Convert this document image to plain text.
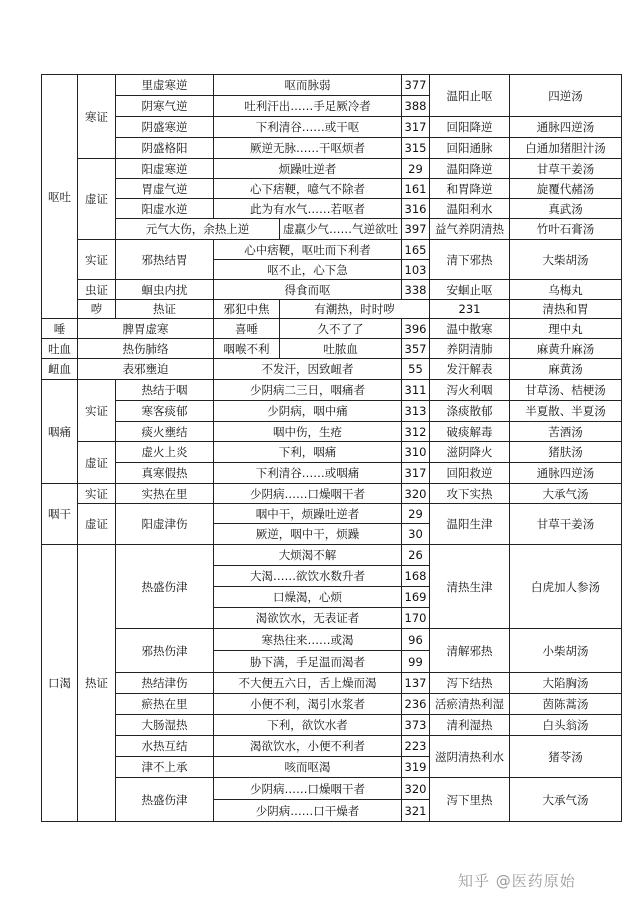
呕吐	寒证	里虚寒逆	呕而脉弱		377	温阳止呕	四逆汤	
		阴寒气逆	吐利汗出……手足厥冷者		388			
		阴盛寒逆	下利清谷……或干呕		317	回阳降逆	通脉四逆汤	
		阴盛格阳	厥逆无脉……干呕烦者		315	回阳通脉	白通加猪胆汁汤	
	虚证	阳虚寒逆	烦躁吐逆者		29	温阳降逆	甘草干姜汤	
		胃虚气逆	心下痞鞕，噫气不除者		161	和胃降逆	旋覆代赭汤	
		阳虚水逆	此为有水气……若呕者		316	温阳利水	真武汤	
		元气大伤，余热上逆		虚羸少气……气逆欲吐	397	益气养阴清热	竹叶石膏汤	
	实证	邪热结胃	心中痞鞕，呕吐而下利者		165	清下邪热	大柴胡汤	
			呕不止，心下急		103			
	虫证	蛔虫内扰	得食而呕		338	安蛔止呕	乌梅丸	
	哕	热证	邪犯中焦	有潮热，时时哕		231	清热和胃	
唾	脾胃虚寒		喜唾	久不了了	396	温中散寒	理中丸	
吐血	热伤肺络		咽喉不利	吐脓血	357	养阴清肺	麻黄升麻汤	
衄血	表邪壅迫		不发汗，因致衄者		55	发汗解表	麻黄汤	
咽痛	实证	热结于咽	少阴病二三日，咽痛者		311	泻火利咽	甘草汤、桔梗汤	
		寒客痰郁	少阴病，咽中痛		313	涤痰散郁	半夏散、半夏汤	
		痰火壅结	咽中伤，生疮		312	破痰解毒	苦酒汤	
	虚证	虚火上炎	下利，咽痛		310	滋阴降火	猪肤汤	
		真寒假热	下利清谷……或咽痛		317	回阳救逆	通脉四逆汤	
咽干	实证	实热在里	少阴病……口燥咽干者		320	攻下实热	大承气汤	
	虚证	阳虚津伤	咽中干，烦躁吐逆者		29	温阳生津	甘草干姜汤	
			厥逆，咽中干，烦躁		30			
口渴	热证	热盛伤津	大烦渴不解		26	清热生津	白虎加人参汤	
			大渴……欲饮水数升者		168			
			口燥渴，心烦		169			
			渴欲饮水，无表证者		170			
		邪热伤津	寒热往来……或渴		96	清解邪热	小柴胡汤	
			胁下满，手足温而渴者		99			
		热结津伤	不大便五六日，舌上燥而渴		137	泻下结热	大陷胸汤	
		瘀热在里	小便不利，渴引水浆者		236	活瘀清热利湿	茵陈蒿汤	
		大肠湿热	下利，欲饮水者		373	清利湿热	白头翁汤	
		水热互结	渴欲饮水，小便不利者		223	滋阴清热利水	猪苓汤	
		津不上承	咳而呕渴		319			
		热盛伤津	少阴病……口燥咽干者		320	泻下里热	大承气汤	
			少阴病……口干燥者		321			
知乎 @医药原始
